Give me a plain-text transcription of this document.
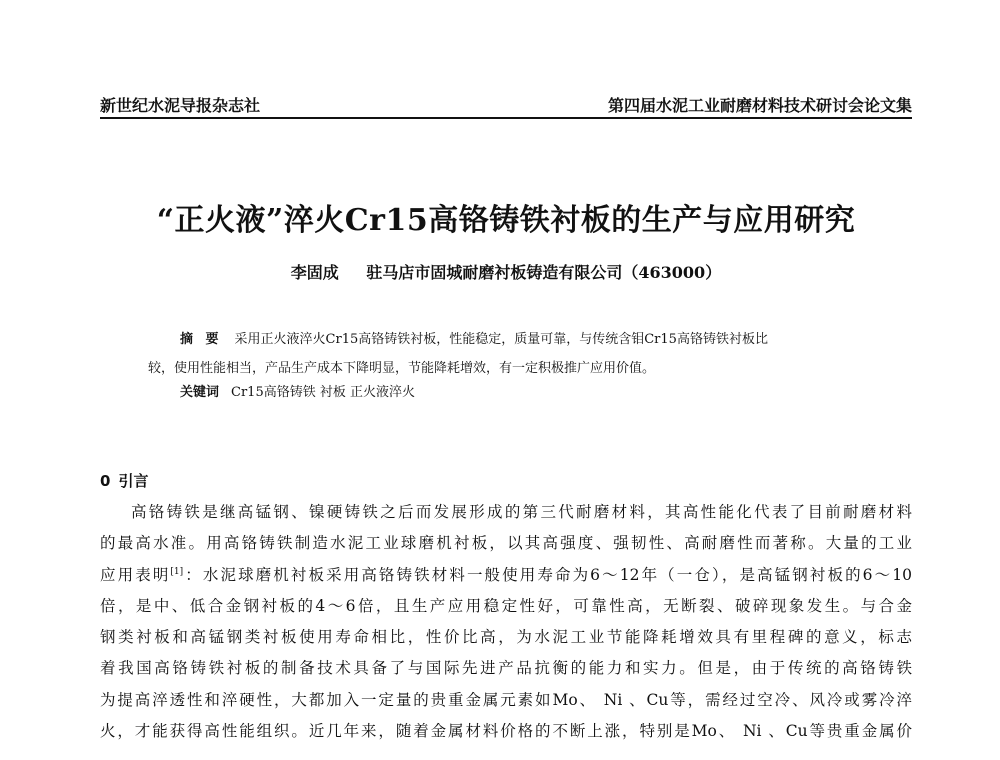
新世纪水泥导报杂志社	第四届水泥工业耐磨材料技术研讨会论文集
“正火液”淬火Cr15高铬铸铁衬板的生产与应用研究
李固成 驻马店市固城耐磨衬板铸造有限公司（463000）
摘 要 采用正火液淬火Cr15高铬铸铁衬板，性能稳定，质量可靠，与传统含钼Cr15高铬铸铁衬板比
较，使用性能相当，产品生产成本下降明显，节能降耗增效，有一定积极推广应用价值。
关键词 Cr15高铬铸铁 衬板 正火液淬火
0 引言
高铬铸铁是继高锰钢、镍硬铸铁之后而发展形成的第三代耐磨材料，其高性能化代表了目前耐磨材料
的最高水准。用高铬铸铁制造水泥工业球磨机衬板，以其高强度、强韧性、高耐磨性而著称。大量的工业
应用表明[1]：水泥球磨机衬板采用高铬铸铁材料一般使用寿命为6～12年（一仓），是高锰钢衬板的6～10
倍，是中、低合金钢衬板的4～6倍，且生产应用稳定性好，可靠性高，无断裂、破碎现象发生。与合金
钢类衬板和高锰钢类衬板使用寿命相比，性价比高，为水泥工业节能降耗增效具有里程碑的意义，标志
着我国高铬铸铁衬板的制备技术具备了与国际先进产品抗衡的能力和实力。但是，由于传统的高铬铸铁
为提高淬透性和淬硬性，大都加入一定量的贵重金属元素如Mo、 Ni 、Cu等，需经过空冷、风冷或雾冷淬
火，才能获得高性能组织。近几年来，随着金属材料价格的不断上涨，特别是Mo、 Ni 、Cu等贵重金属价
